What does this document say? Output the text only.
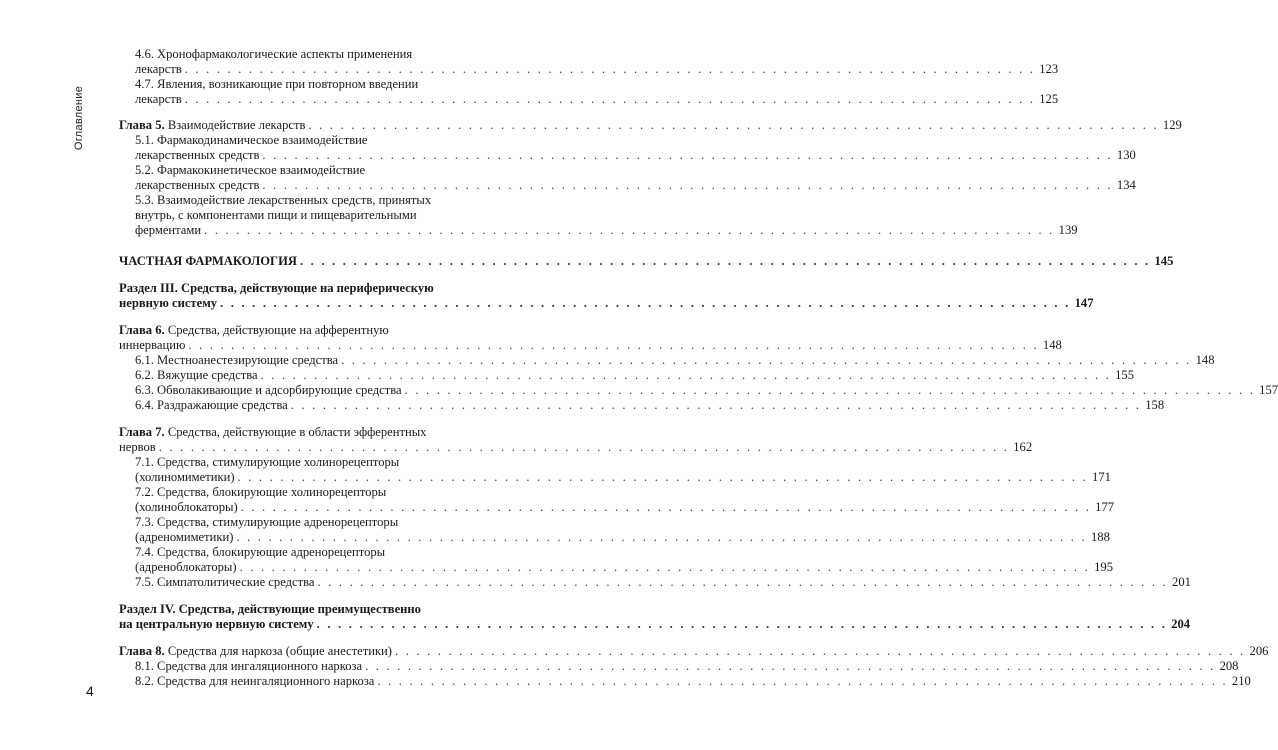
Оглавление
4.6. Хронофармакологические аспекты применения
лекарств . . . . . . . . . . . . . . . . . . . . . . . . . . . . . . . . . . . . . . . . . . . . . . . . . . . . . . . . . . . . . . . . . . . . . . . . . . . . . . . . 123
4.7. Явления, возникающие при повторном введении
лекарств . . . . . . . . . . . . . . . . . . . . . . . . . . . . . . . . . . . . . . . . . . . . . . . . . . . . . . . . . . . . . . . . . . . . . . . . . . . . . . . . 125
Глава 5. Взаимодействие лекарств . . . . . . . . . . . . . . . . . . . . . . . . . . . . . . . . . . . . . . . . . . . . . . . . . . . . . . . . . . . . . . . . . . . . . . . . . . . . . . . . 129
5.1. Фармакодинамическое взаимодействие
лекарственных средств . . . . . . . . . . . . . . . . . . . . . . . . . . . . . . . . . . . . . . . . . . . . . . . . . . . . . . . . . . . . . . . . . . . . . . . . . . . . . . . . 130
5.2. Фармакокинетическое взаимодействие
лекарственных средств . . . . . . . . . . . . . . . . . . . . . . . . . . . . . . . . . . . . . . . . . . . . . . . . . . . . . . . . . . . . . . . . . . . . . . . . . . . . . . . . 134
5.3. Взаимодействие лекарственных средств, принятых
внутрь, с компонентами пищи и пищеварительными
ферментами . . . . . . . . . . . . . . . . . . . . . . . . . . . . . . . . . . . . . . . . . . . . . . . . . . . . . . . . . . . . . . . . . . . . . . . . . . . . . . . . 139
ЧАСТНАЯ ФАРМАКОЛОГИЯ . . . . . . . . . . . . . . . . . . . . . . . . . . . . . . . . . . . . . . . . . . . . . . . . . . . . . . . . . . . . . . . . . . . . . . . . . . . . . . . . 145
Раздел III. Средства, действующие на периферическую
нервную систему . . . . . . . . . . . . . . . . . . . . . . . . . . . . . . . . . . . . . . . . . . . . . . . . . . . . . . . . . . . . . . . . . . . . . . . . . . . . . . . . 147
Глава 6. Средства, действующие на афферентную
иннервацию . . . . . . . . . . . . . . . . . . . . . . . . . . . . . . . . . . . . . . . . . . . . . . . . . . . . . . . . . . . . . . . . . . . . . . . . . . . . . . . . 148
6.1. Местноанестезирующие средства . . . . . . . . . . . . . . . . . . . . . . . . . . . . . . . . . . . . . . . . . . . . . . . . . . . . . . . . . . . . . . . . . . . . . . . . . . . . . . . . 148
6.2. Вяжущие средства . . . . . . . . . . . . . . . . . . . . . . . . . . . . . . . . . . . . . . . . . . . . . . . . . . . . . . . . . . . . . . . . . . . . . . . . . . . . . . . . 155
6.3. Обволакивающие и адсорбирующие средства . . . . . . . . . . . . . . . . . . . . . . . . . . . . . . . . . . . . . . . . . . . . . . . . . . . . . . . . . . . . . . . . . . . . . . . . . . . . . . . . 157
6.4. Раздражающие средства . . . . . . . . . . . . . . . . . . . . . . . . . . . . . . . . . . . . . . . . . . . . . . . . . . . . . . . . . . . . . . . . . . . . . . . . . . . . . . . . 158
Глава 7. Средства, действующие в области эфферентных
нервов . . . . . . . . . . . . . . . . . . . . . . . . . . . . . . . . . . . . . . . . . . . . . . . . . . . . . . . . . . . . . . . . . . . . . . . . . . . . . . . . 162
7.1. Средства, стимулирующие холинорецепторы
(холиномиметики) . . . . . . . . . . . . . . . . . . . . . . . . . . . . . . . . . . . . . . . . . . . . . . . . . . . . . . . . . . . . . . . . . . . . . . . . . . . . . . . . 171
7.2. Средства, блокирующие холинорецепторы
(холиноблокаторы) . . . . . . . . . . . . . . . . . . . . . . . . . . . . . . . . . . . . . . . . . . . . . . . . . . . . . . . . . . . . . . . . . . . . . . . . . . . . . . . . 177
7.3. Средства, стимулирующие адренорецепторы
(адреномиметики) . . . . . . . . . . . . . . . . . . . . . . . . . . . . . . . . . . . . . . . . . . . . . . . . . . . . . . . . . . . . . . . . . . . . . . . . . . . . . . . . 188
7.4. Средства, блокирующие адренорецепторы
(адреноблокаторы) . . . . . . . . . . . . . . . . . . . . . . . . . . . . . . . . . . . . . . . . . . . . . . . . . . . . . . . . . . . . . . . . . . . . . . . . . . . . . . . . 195
7.5. Симпатолитические средства . . . . . . . . . . . . . . . . . . . . . . . . . . . . . . . . . . . . . . . . . . . . . . . . . . . . . . . . . . . . . . . . . . . . . . . . . . . . . . . . 201
Раздел IV. Средства, действующие преимущественно
на центральную нервную систему . . . . . . . . . . . . . . . . . . . . . . . . . . . . . . . . . . . . . . . . . . . . . . . . . . . . . . . . . . . . . . . . . . . . . . . . . . . . . . . . 204
Глава 8. Средства для наркоза (общие анестетики) . . . . . . . . . . . . . . . . . . . . . . . . . . . . . . . . . . . . . . . . . . . . . . . . . . . . . . . . . . . . . . . . . . . . . . . . . . . . . . . . 206
8.1. Средства для ингаляционного наркоза . . . . . . . . . . . . . . . . . . . . . . . . . . . . . . . . . . . . . . . . . . . . . . . . . . . . . . . . . . . . . . . . . . . . . . . . . . . . . . . . 208
8.2. Средства для неингаляционного наркоза . . . . . . . . . . . . . . . . . . . . . . . . . . . . . . . . . . . . . . . . . . . . . . . . . . . . . . . . . . . . . . . . . . . . . . . . . . . . . . . . 210
4
